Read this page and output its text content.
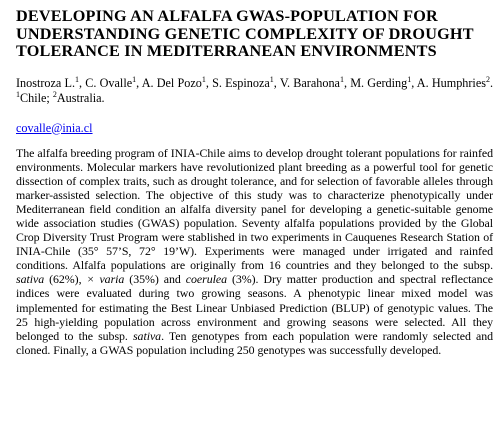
DEVELOPING AN ALFALFA GWAS-POPULATION FOR UNDERSTANDING GENETIC COMPLEXITY OF DROUGHT TOLERANCE IN MEDITERRANEAN ENVIRONMENTS

Inostroza L.$^1$, C. Ovalle$^1$, A. Del Pozo$^1$, S. Espinoza$^1$, V. Barahona$^1$, M. Gerding$^1$, A. Humphries$^2$. $^1$Chile; $^2$Australia.

covalle@inia.cl

The alfalfa breeding program of INIA-Chile aims to develop drought tolerant populations for rainfed environments. Molecular markers have revolutionized plant breeding as a powerful tool for genetic dissection of complex traits, such as drought tolerance, and for selection of favorable alleles through marker-assisted selection. The objective of this study was to characterize phenotypically under Mediterranean field condition an alfalfa diversity panel for developing a genetic-suitable genome wide association studies (GWAS) population. Seventy alfalfa populations provided by the Global Crop Diversity Trust Program were stablished in two experiments in Cauquenes Research Station of INIA-Chile (35° 57’S, 72° 19’W). Experiments were managed under irrigated and rainfed conditions. Alfalfa populations are originally from 16 countries and they belonged to the subsp. sativa (62%), × varia (35%) and coerulea (3%). Dry matter production and spectral reflectance indices were evaluated during two growing seasons. A phenotypic linear mixed model was implemented for estimating the Best Linear Unbiased Prediction (BLUP) of genotypic values. The 25 high-yielding population across environment and growing seasons were selected. All they belonged to the subsp. sativa. Ten genotypes from each population were randomly selected and cloned. Finally, a GWAS population including 250 genotypes was successfully developed.
